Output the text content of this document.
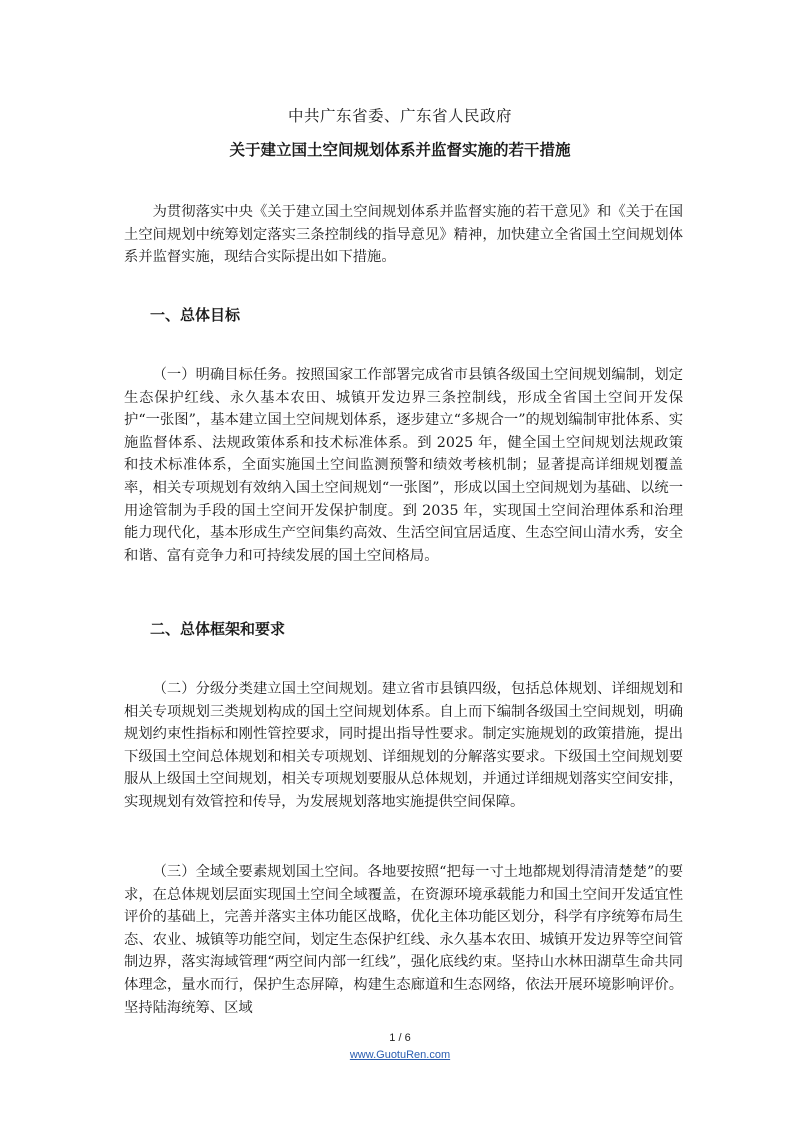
中共广东省委、广东省人民政府
关于建立国土空间规划体系并监督实施的若干措施

为贯彻落实中央《关于建立国土空间规划体系并监督实施的若干意见》和《关于在国土空间规划中统筹划定落实三条控制线的指导意见》精神，加快建立全省国土空间规划体系并监督实施，现结合实际提出如下措施。

一、总体目标

（一）明确目标任务。按照国家工作部署完成省市县镇各级国土空间规划编制，划定生态保护红线、永久基本农田、城镇开发边界三条控制线，形成全省国土空间开发保护“一张图”，基本建立国土空间规划体系，逐步建立“多规合一”的规划编制审批体系、实施监督体系、法规政策体系和技术标准体系。到 2025 年，健全国土空间规划法规政策和技术标准体系，全面实施国土空间监测预警和绩效考核机制；显著提高详细规划覆盖率，相关专项规划有效纳入国土空间规划“一张图”，形成以国土空间规划为基础、以统一用途管制为手段的国土空间开发保护制度。到 2035 年，实现国土空间治理体系和治理能力现代化，基本形成生产空间集约高效、生活空间宜居适度、生态空间山清水秀，安全和谐、富有竞争力和可持续发展的国土空间格局。

二、总体框架和要求

（二）分级分类建立国土空间规划。建立省市县镇四级，包括总体规划、详细规划和相关专项规划三类规划构成的国土空间规划体系。自上而下编制各级国土空间规划，明确规划约束性指标和刚性管控要求，同时提出指导性要求。制定实施规划的政策措施，提出下级国土空间总体规划和相关专项规划、详细规划的分解落实要求。下级国土空间规划要服从上级国土空间规划，相关专项规划要服从总体规划，并通过详细规划落实空间安排，实现规划有效管控和传导，为发展规划落地实施提供空间保障。

（三）全域全要素规划国土空间。各地要按照“把每一寸土地都规划得清清楚楚”的要求，在总体规划层面实现国土空间全域覆盖，在资源环境承载能力和国土空间开发适宜性评价的基础上，完善并落实主体功能区战略，优化主体功能区划分，科学有序统筹布局生态、农业、城镇等功能空间，划定生态保护红线、永久基本农田、城镇开发边界等空间管制边界，落实海域管理“两空间内部一红线”，强化底线约束。坚持山水林田湖草生命共同体理念，量水而行，保护生态屏障，构建生态廊道和生态网络，依法开展环境影响评价。坚持陆海统筹、区域

1 / 6
www.GuotuRen.com
